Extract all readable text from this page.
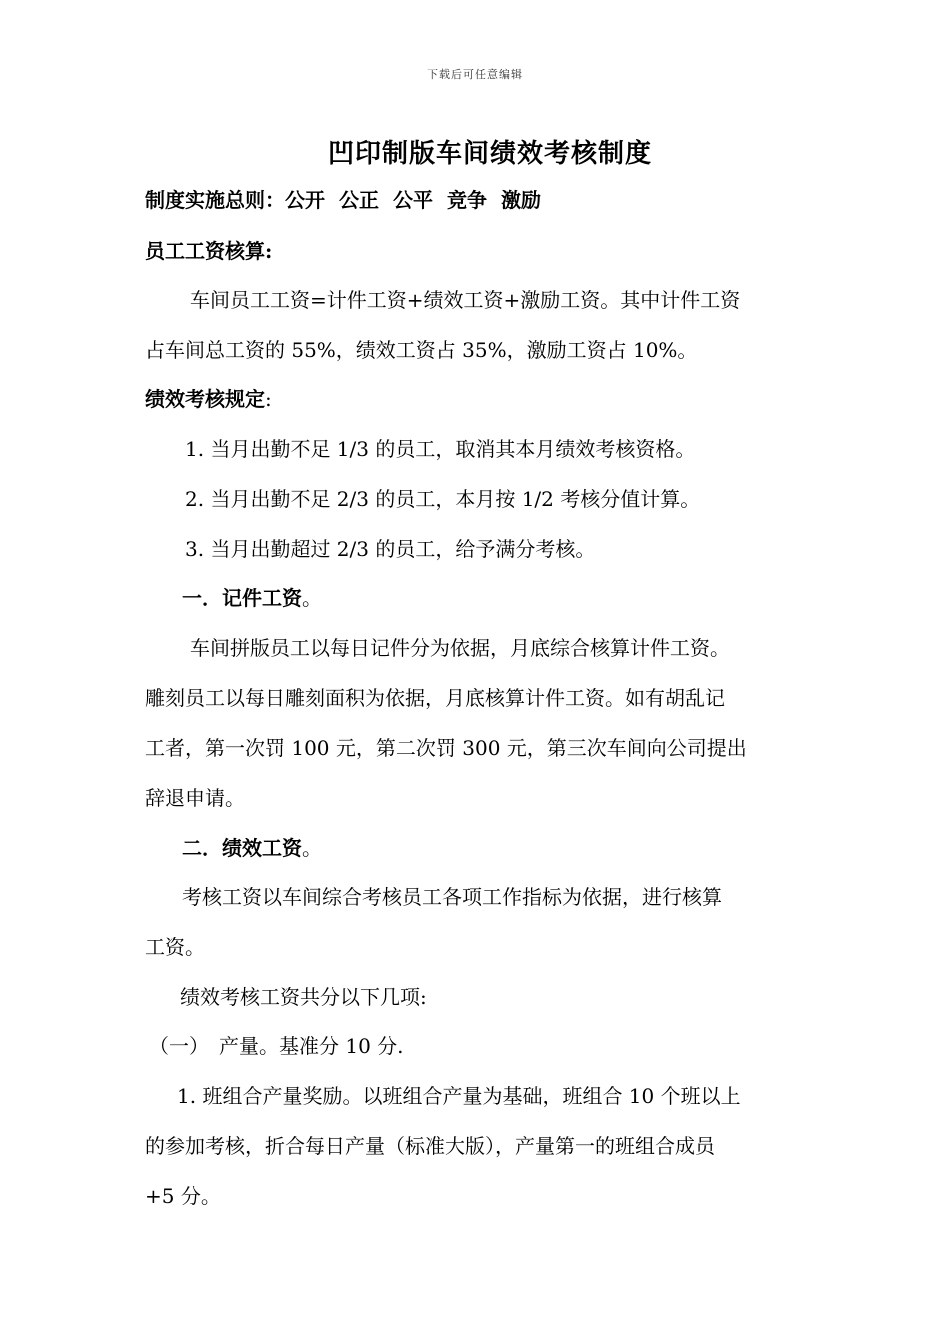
下载后可任意编辑
凹印制版车间绩效考核制度
制度实施总则：公开 公正 公平 竞争 激励
员工工资核算:
车间员工工资=计件工资+绩效工资+激励工资。其中计件工资
占车间总工资的 55%，绩效工资占 35%，激励工资占 10%。
绩效考核规定:
1. 当月出勤不足 1/3 的员工，取消其本月绩效考核资格。
2. 当月出勤不足 2/3 的员工，本月按 1/2 考核分值计算。
3. 当月出勤超过 2/3 的员工，给予满分考核。
一．记件工资。
车间拼版员工以每日记件分为依据，月底综合核算计件工资。
雕刻员工以每日雕刻面积为依据，月底核算计件工资。如有胡乱记
工者，第一次罚 100 元，第二次罚 300 元，第三次车间向公司提出
辞退申请。
二．绩效工资。
考核工资以车间综合考核员工各项工作指标为依据，进行核算
工资。
绩效考核工资共分以下几项:
（一） 产量。基准分 10 分.
1. 班组合产量奖励。以班组合产量为基础，班组合 10 个班以上
的参加考核，折合每日产量（标准大版），产量第一的班组合成员
+5 分。
